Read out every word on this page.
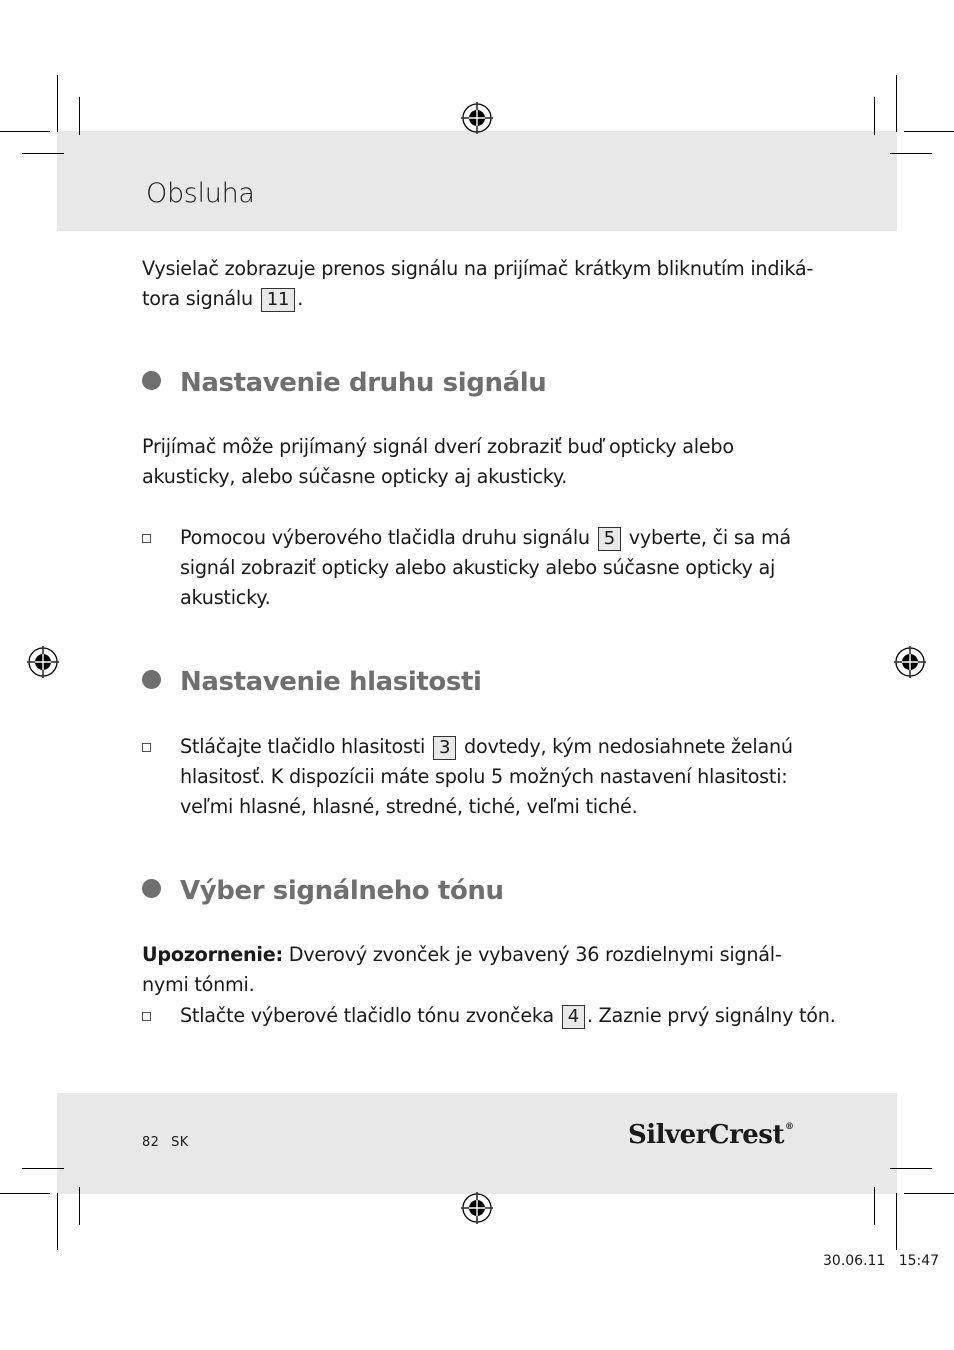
Obsluha

Vysielač zobrazuje prenos signálu na prijímač krátkym bliknutím indiká-tora signálu 11 .

Nastavenie druhu signálu

Prijímač môže prijímaný signál dverí zobraziť buď opticky alebo akusticky, alebo súčasne opticky aj akusticky.

Pomocou výberového tlačidla druhu signálu 5 vyberte, či sa má signál zobraziť opticky alebo akusticky alebo súčasne opticky aj akusticky.
Nastavenie hlasitosti
Stláčajte tlačidlo hlasitosti 3 dovtedy, kým nedosiahnete želanú hlasitosť. K dispozícii máte spolu 5 možných nastavení hlasitosti: veľmi hlasné, hlasné, stredné, tiché, veľmi tiché.
Výber signálneho tónu

Upozornenie: Dverový zvonček je vybavený 36 rozdielnymi signál-nymi tónmi.

Stlačte výberové tlačidlo tónu zvončeka 4 . Zaznie prvý signálny tón.
82 SK	SilverCrest®
30.06.11 15:47
